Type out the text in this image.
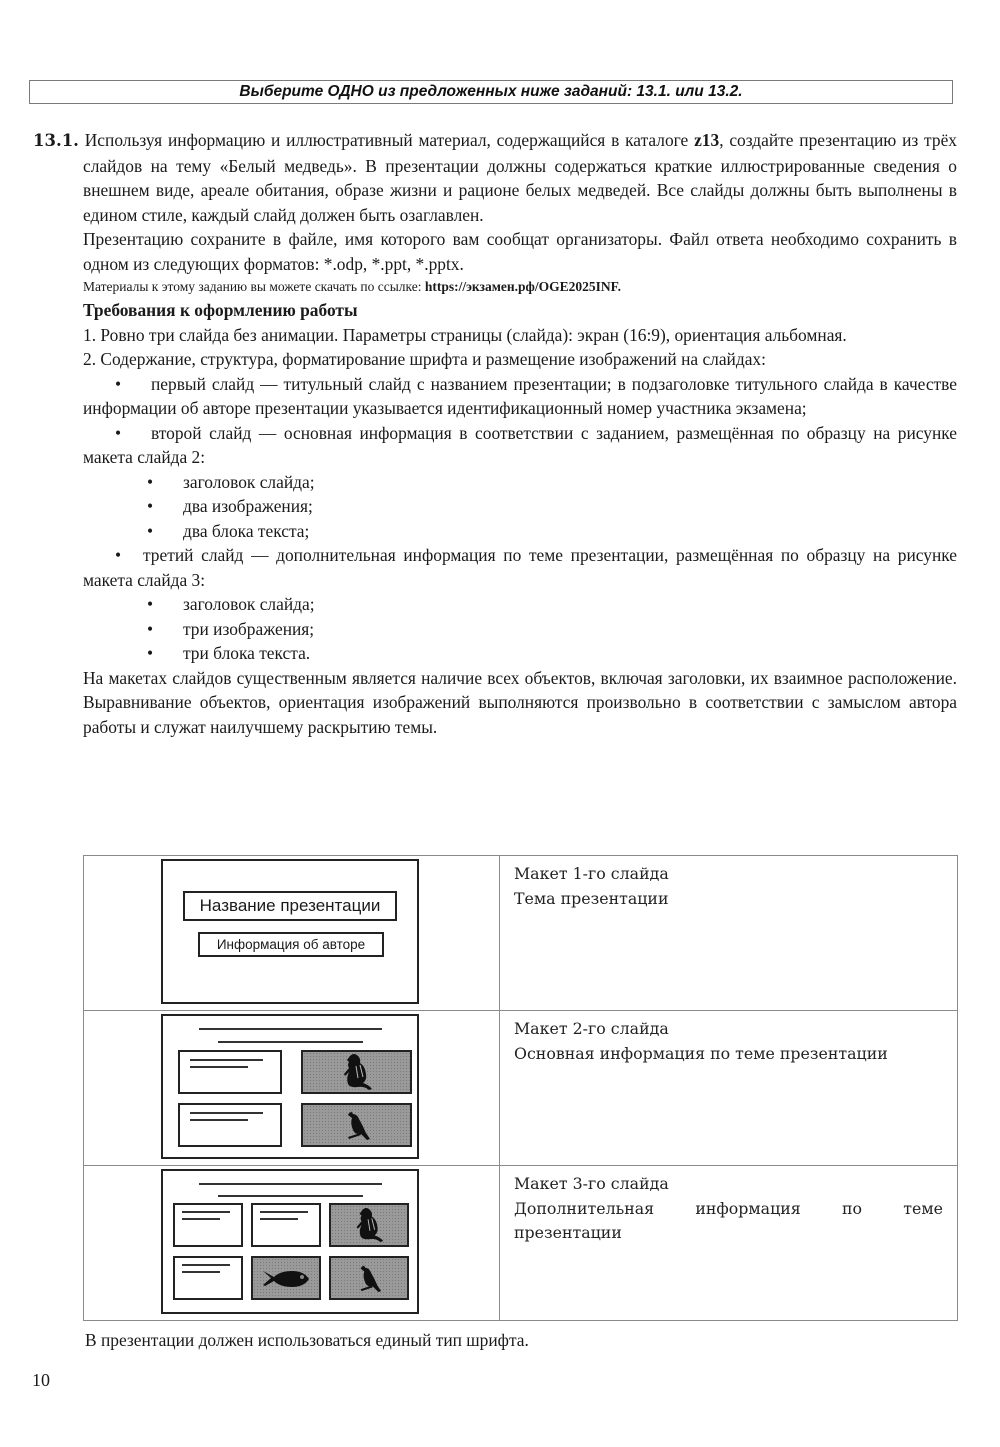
Выберите ОДНО из предложенных ниже заданий: 13.1. или 13.2.

13.1. Используя информацию и иллюстративный материал, содержащийся в каталоге z13, создайте презентацию из трёх слайдов на тему «Белый медведь». В презентации должны содержаться краткие иллюстрированные сведения о внешнем виде, ареале обитания, образе жизни и рационе белых медведей. Все слайды должны быть выполнены в едином стиле, каждый слайд должен быть озаглавлен.

Презентацию сохраните в файле, имя которого вам сообщат организаторы. Файл ответа необходимо сохранить в одном из следующих форматов: *.odp, *.ppt, *.pptx.

Материалы к этому заданию вы можете скачать по ссылке: https://экзамен.рф/OGE2025INF.

Требования к оформлению работы

1. Ровно три слайда без анимации. Параметры страницы (слайда): экран (16:9), ориентация альбомная.

2. Содержание, структура, форматирование шрифта и размещение изображений на слайдах:

• первый слайд — титульный слайд с названием презентации; в подзаголовке титульного слайда в качестве информации об авторе презентации указывается идентификационный номер участника экзамена;

• второй слайд — основная информация в соответствии с заданием, размещённая по образцу на рисунке макета слайда 2:

• заголовок слайда;

• два изображения;

• два блока текста;

• третий слайд — дополнительная информация по теме презентации, размещённая по образцу на рисунке макета слайда 3:

• заголовок слайда;

• три изображения;

• три блока текста.

На макетах слайдов существенным является наличие всех объектов, включая заголовки, их взаимное расположение. Выравнивание объектов, ориентация изображений выполняются произвольно в соответствии с замыслом автора работы и служат наилучшему раскрытию темы.

Название презентации
Информация об авторе

Макет 1-го слайда
Тема презентации

Макет 2-го слайда
Основная информация по теме презентации

Макет 3-го слайда
Дополнительная информация по теме презентации
В презентации должен использоваться единый тип шрифта.
10
